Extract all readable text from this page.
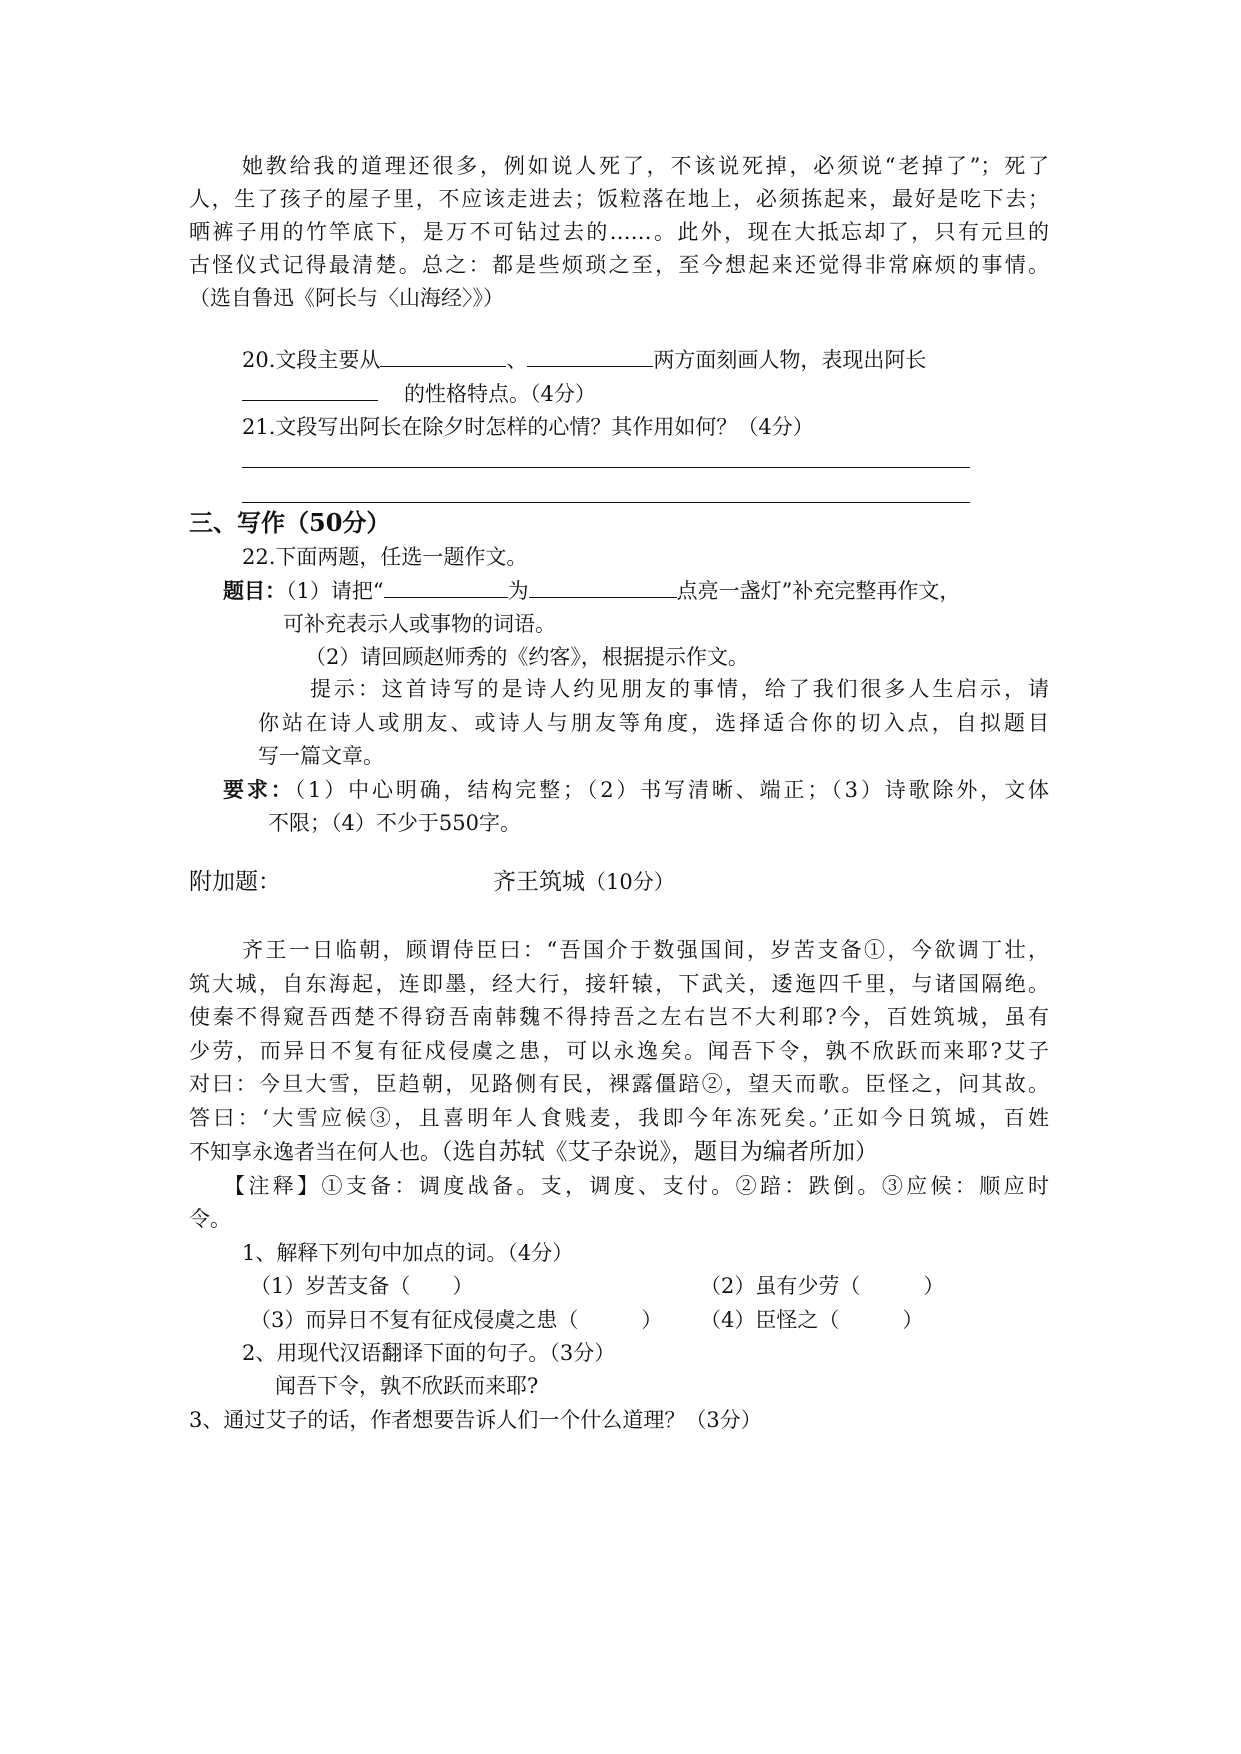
她教给我的道理还很多，例如说人死了，不该说死掉，必须说“老掉了”；死了
人，生了孩子的屋子里，不应该走进去；饭粒落在地上，必须拣起来，最好是吃下去；
晒裤子用的竹竿底下，是万不可钻过去的……。此外，现在大抵忘却了，只有元旦的
古怪仪式记得最清楚。总之：都是些烦琐之至，至今想起来还觉得非常麻烦的事情。
（选自鲁迅《阿长与〈山海经〉》）
20.文段主要从	、	两方面刻画人物，表现出阿长
的性格特点。（4分）
21.文段写出阿长在除夕时怎样的心情？其作用如何？（4分）
三、写作（50分）
22.下面两题，任选一题作文。
题目：（1）请把“	为	点亮一盏灯”补充完整再作文，
可补充表示人或事物的词语。
（2）请回顾赵师秀的《约客》，根据提示作文。
提示：这首诗写的是诗人约见朋友的事情，给了我们很多人生启示，请
你站在诗人或朋友、或诗人与朋友等角度，选择适合你的切入点，自拟题目
写一篇文章。
要求：（1）中心明确，结构完整；（2）书写清晰、端正；（3）诗歌除外，文体
不限；（4）不少于550字。
附加题：	齐王筑城（10分）
齐王一日临朝，顾谓侍臣曰：“吾国介于数强国间，岁苦支备①，今欲调丁壮，
筑大城，自东海起，连即墨，经大行，接轩辕，下武关，逶迤四千里，与诸国隔绝。
使秦不得窥吾西楚不得窃吾南韩魏不得持吾之左右岂不大利耶?今，百姓筑城，虽有
少劳，而异日不复有征戍侵虞之患，可以永逸矣。闻吾下令，孰不欣跃而来耶?艾子
对曰：今旦大雪，臣趋朝，见路侧有民，裸露僵踣②，望天而歌。臣怪之，问其故。
答曰：‘大雪应候③，且喜明年人食贱麦，我即今年冻死矣。’正如今日筑城，百姓
不知享永逸者当在何人也。（选自苏轼《艾子杂说》，题目为编者所加）
【注释】①支备：调度战备。支，调度、支付。②踣：跌倒。③应候：顺应时
令。
1、解释下列句中加点的词。（4分）
（1）岁苦支备（　　）	（2）虽有少劳（　　　）
（3）而异日不复有征戍侵虞之患（　　　） （4）臣怪之（　　　）
2、用现代汉语翻译下面的句子。（3分）
闻吾下令，孰不欣跃而来耶?
3、通过艾子的话，作者想要告诉人们一个什么道理？（3分）
